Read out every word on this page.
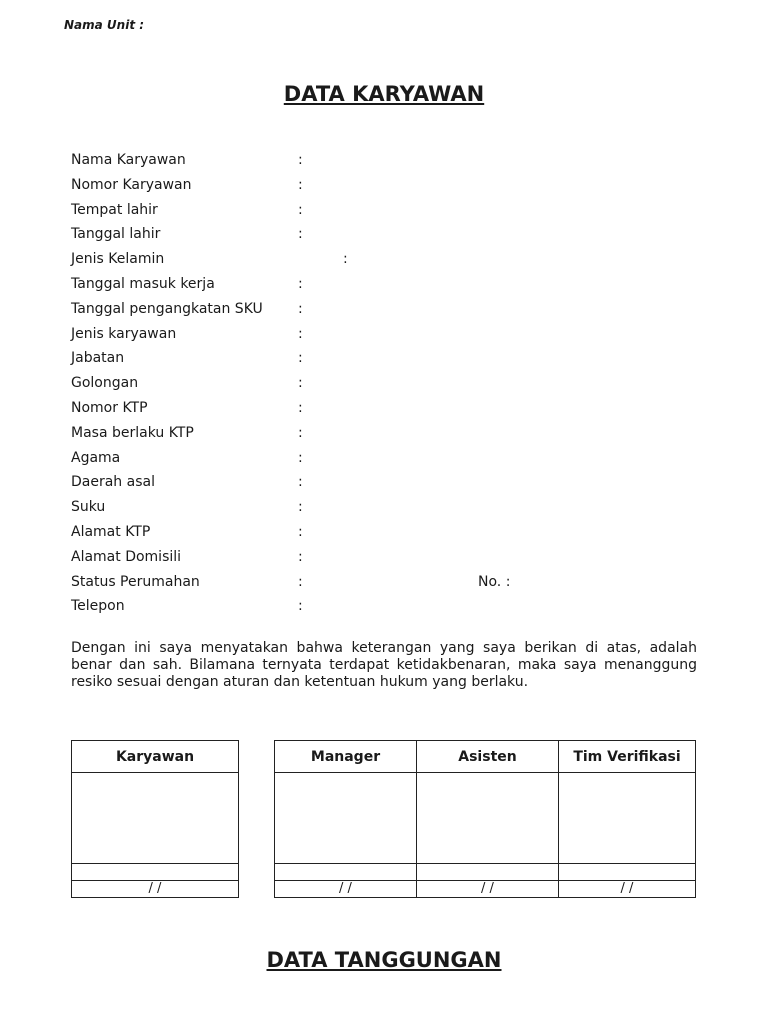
Nama Unit :
DATA KARYAWAN
Nama Karyawan	:
Nomor Karyawan	:
Tempat lahir	:
Tanggal lahir	:
Jenis Kelamin	:
Tanggal masuk kerja	:
Tanggal pengangkatan SKU	:
Jenis karyawan	:
Jabatan	:
Golongan	:
Nomor KTP	:
Masa berlaku KTP	:
Agama	:
Daerah asal	:
Suku	:
Alamat KTP	:
Alamat Domisili	:
Status Perumahan	:	No. :
Telepon	:
Dengan ini saya menyatakan bahwa keterangan yang saya berikan di atas, adalah benar dan sah. Bilamana ternyata terdapat ketidakbenaran, maka saya menanggung resiko sesuai dengan aturan dan ketentuan hukum yang berlaku.
Karyawan

/ /
Manager	Asisten	Tim Verifikasi

/ /	/ /	/ /
DATA TANGGUNGAN
